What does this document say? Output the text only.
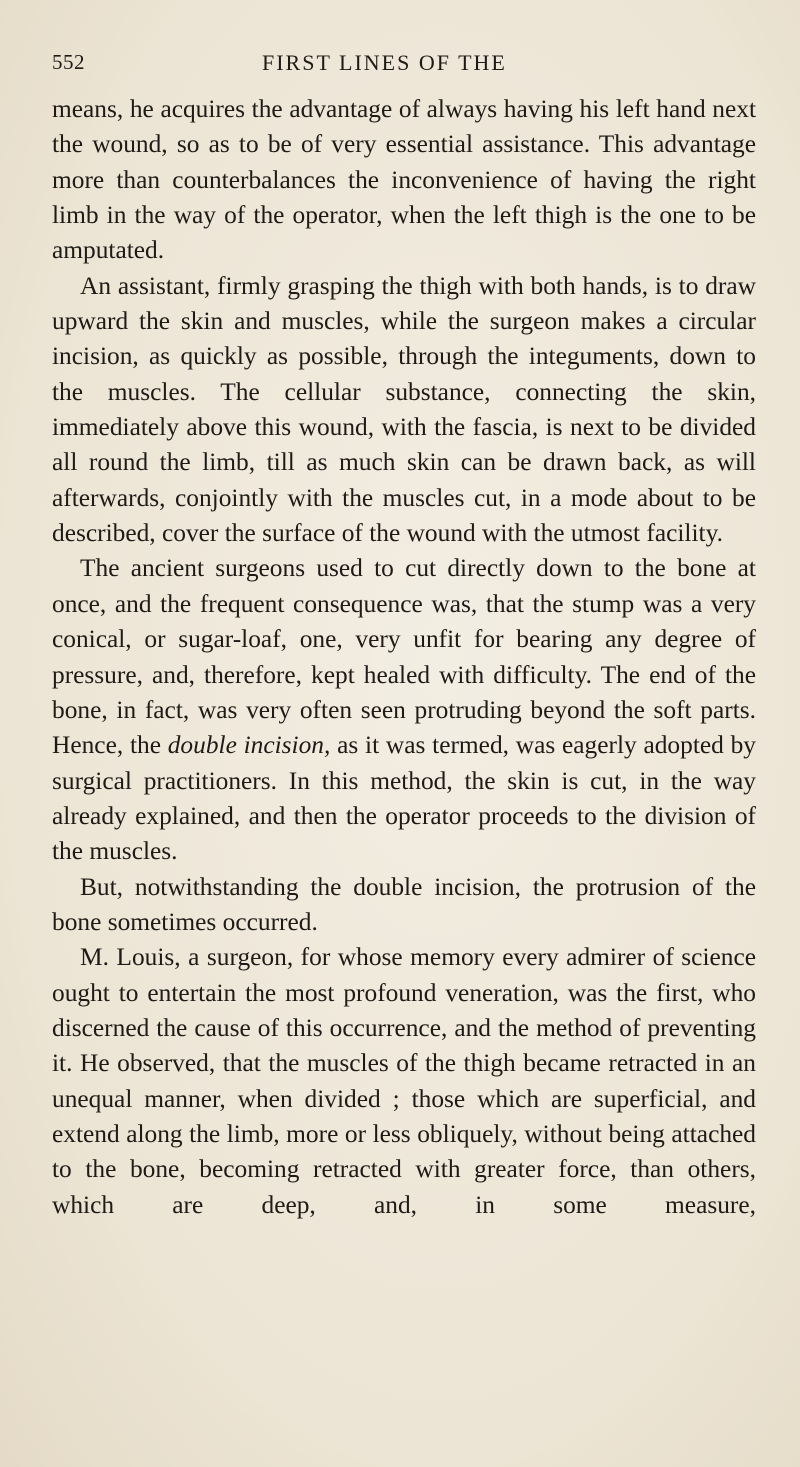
552	FIRST LINES OF THE

means, he acquires the advantage of always having his left hand next the wound, so as to be of very essential assistance. This advantage more than counterbalances the inconvenience of having the right limb in the way of the operator, when the left thigh is the one to be amputated.

An assistant, firmly grasping the thigh with both hands, is to draw upward the skin and muscles, while the surgeon makes a circular incision, as quickly as possible, through the integuments, down to the muscles. The cellular substance, connecting the skin, immediately above this wound, with the fascia, is next to be divided all round the limb, till as much skin can be drawn back, as will afterwards, conjointly with the muscles cut, in a mode about to be described, cover the surface of the wound with the utmost facility.

The ancient surgeons used to cut directly down to the bone at once, and the frequent consequence was, that the stump was a very conical, or sugar-loaf, one, very unfit for bearing any degree of pressure, and, therefore, kept healed with difficulty. The end of the bone, in fact, was very often seen protruding beyond the soft parts. Hence, the double incision, as it was termed, was eagerly adopted by surgical practitioners. In this method, the skin is cut, in the way already explained, and then the operator proceeds to the division of the muscles.

But, notwithstanding the double incision, the protrusion of the bone sometimes occurred.

M. Louis, a surgeon, for whose memory every admirer of science ought to entertain the most profound veneration, was the first, who discerned the cause of this occurrence, and the method of preventing it. He observed, that the muscles of the thigh became retracted in an unequal manner, when divided ; those which are superficial, and extend along the limb, more or less obliquely, without being attached to the bone, becoming retracted with greater force, than others, which are deep, and, in some measure,
